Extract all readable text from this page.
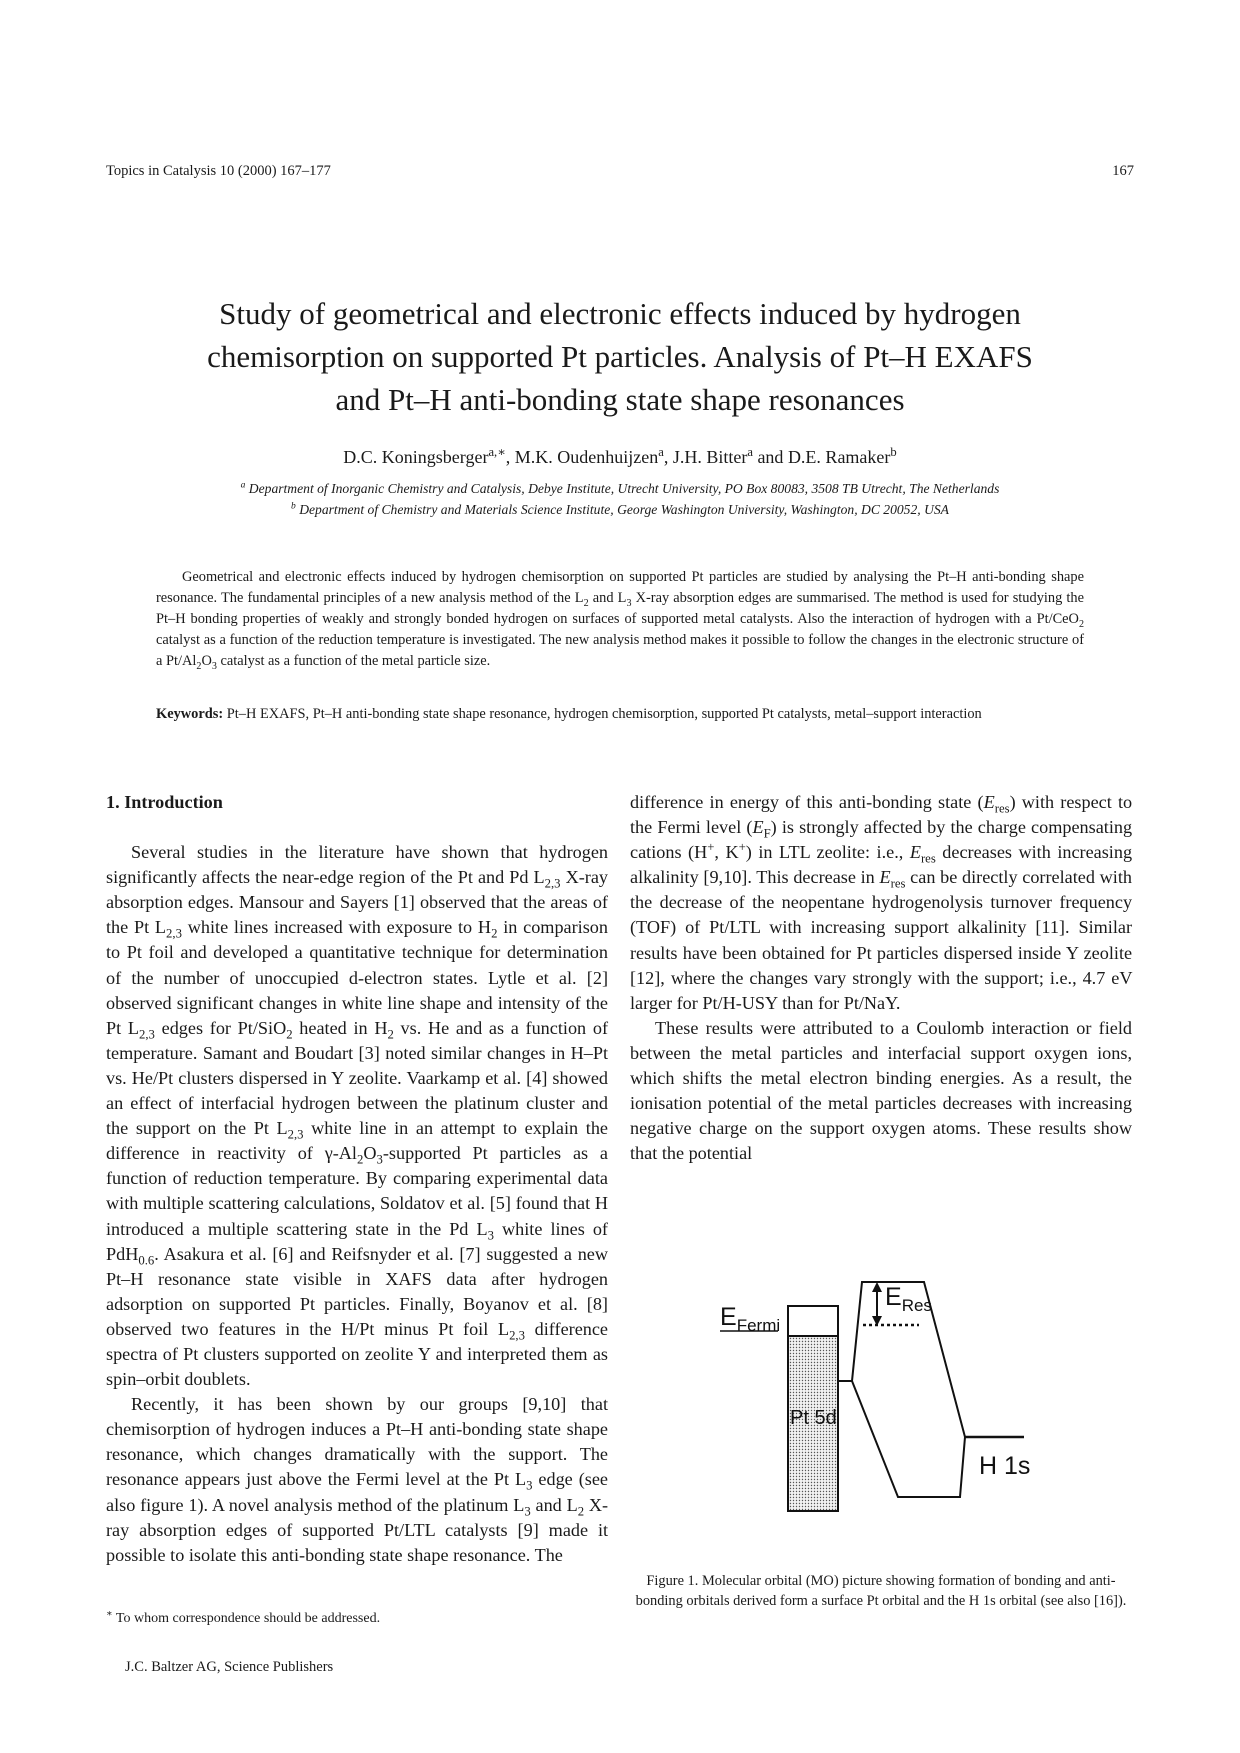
Topics in Catalysis 10 (2000) 167–177	167
Study of geometrical and electronic effects induced by hydrogen
chemisorption on supported Pt particles. Analysis of Pt–H EXAFS
and Pt–H anti-bonding state shape resonances
D.C. Koningsberger$^{a,∗}$, M.K. Oudenhuijzen$^a$, J.H. Bitter$^a$ and D.E. Ramaker$^b$
$^a$ Department of Inorganic Chemistry and Catalysis, Debye Institute, Utrecht University, PO Box 80083, 3508 TB Utrecht, The Netherlands
$^b$ Department of Chemistry and Materials Science Institute, George Washington University, Washington, DC 20052, USA

Geometrical and electronic effects induced by hydrogen chemisorption on supported Pt particles are studied by analysing the Pt–H anti-bonding shape resonance. The fundamental principles of a new analysis method of the $L_2$ and $L_3$ X-ray absorption edges are summarised. The method is used for studying the Pt–H bonding properties of weakly and strongly bonded hydrogen on surfaces of supported metal catalysts. Also the interaction of hydrogen with a Pt/CeO$_2$ catalyst as a function of the reduction temperature is investigated. The new analysis method makes it possible to follow the changes in the electronic structure of a $Pt/Al_2O_3$ catalyst as a function of the metal particle size.

Keywords: Pt–H EXAFS, Pt–H anti-bonding state shape resonance, hydrogen chemisorption, supported Pt catalysts, metal–support interaction

1. Introduction

Several studies in the literature have shown that hydrogen significantly affects the near-edge region of the Pt and Pd $L_{2,3}$ X-ray absorption edges. Mansour and Sayers [1] observed that the areas of the Pt $L_{2,3}$ white lines increased with exposure to $H_2$ in comparison to Pt foil and developed a quantitative technique for determination of the number of unoccupied d-electron states. Lytle et al. [2] observed significant changes in white line shape and intensity of the Pt $L_{2,3}$ edges for Pt/SiO$_2$ heated in $H_2$ vs. He and as a function of temperature. Samant and Boudart [3] noted similar changes in H–Pt vs. He/Pt clusters dispersed in Y zeolite. Vaarkamp et al. [4] showed an effect of interfacial hydrogen between the platinum cluster and the support on the Pt $L_{2,3}$ white line in an attempt to explain the difference in reactivity of $\gamma-Al_2O_3$-supported Pt particles as a function of reduction temperature. By comparing experimental data with multiple scattering calculations, Soldatov et al. [5] found that H introduced a multiple scattering state in the Pd $L_3$ white lines of PdH$_{0.6}$. Asakura et al. [6] and Reifsnyder et al. [7] suggested a new Pt–H resonance state visible in XAFS data after hydrogen adsorption on supported Pt particles. Finally, Boyanov et al. [8] observed two features in the H/Pt minus Pt foil $L_{2,3}$ difference spectra of Pt clusters supported on zeolite Y and interpreted them as spin–orbit doublets.

Recently, it has been shown by our groups [9,10] that chemisorption of hydrogen induces a Pt–H anti-bonding state shape resonance, which changes dramatically with the support. The resonance appears just above the Fermi level at the Pt $L_3$ edge (see also figure 1). A novel analysis method of the platinum $L_3$ and $L_2$ X-ray absorption edges of supported Pt/LTL catalysts [9] made it possible to isolate this anti-bonding state shape resonance. The

difference in energy of this anti-bonding state $(E_{res})$ with respect to the Fermi level $(E_F)$ is strongly affected by the charge compensating cations (H+, K+) in LTL zeolite: i.e., $E_{res}$ decreases with increasing alkalinity [9,10]. This decrease in $E_{res}$ can be directly correlated with the decrease of the neopentane hydrogenolysis turnover frequency (TOF) of Pt/LTL with increasing support alkalinity [11]. Similar results have been obtained for Pt particles dispersed inside Y zeolite [12], where the changes vary strongly with the support; i.e., 4.7 eV larger for Pt/H-USY than for Pt/NaY.

These results were attributed to a Coulomb interaction or field between the metal particles and interfacial support oxygen ions, which shifts the metal electron binding energies. As a result, the ionisation potential of the metal particles decreases with increasing negative charge on the support oxygen atoms. These results show that the potential

$E_{Fermi}$
$E_{Res}$
Pt 5d
H 1s
Figure 1. Molecular orbital (MO) picture showing formation of bonding and anti-bonding orbitals derived form a surface Pt orbital and the H 1s orbital (see also [16]).
∗ To whom correspondence should be addressed.
J.C. Baltzer AG, Science Publishers
